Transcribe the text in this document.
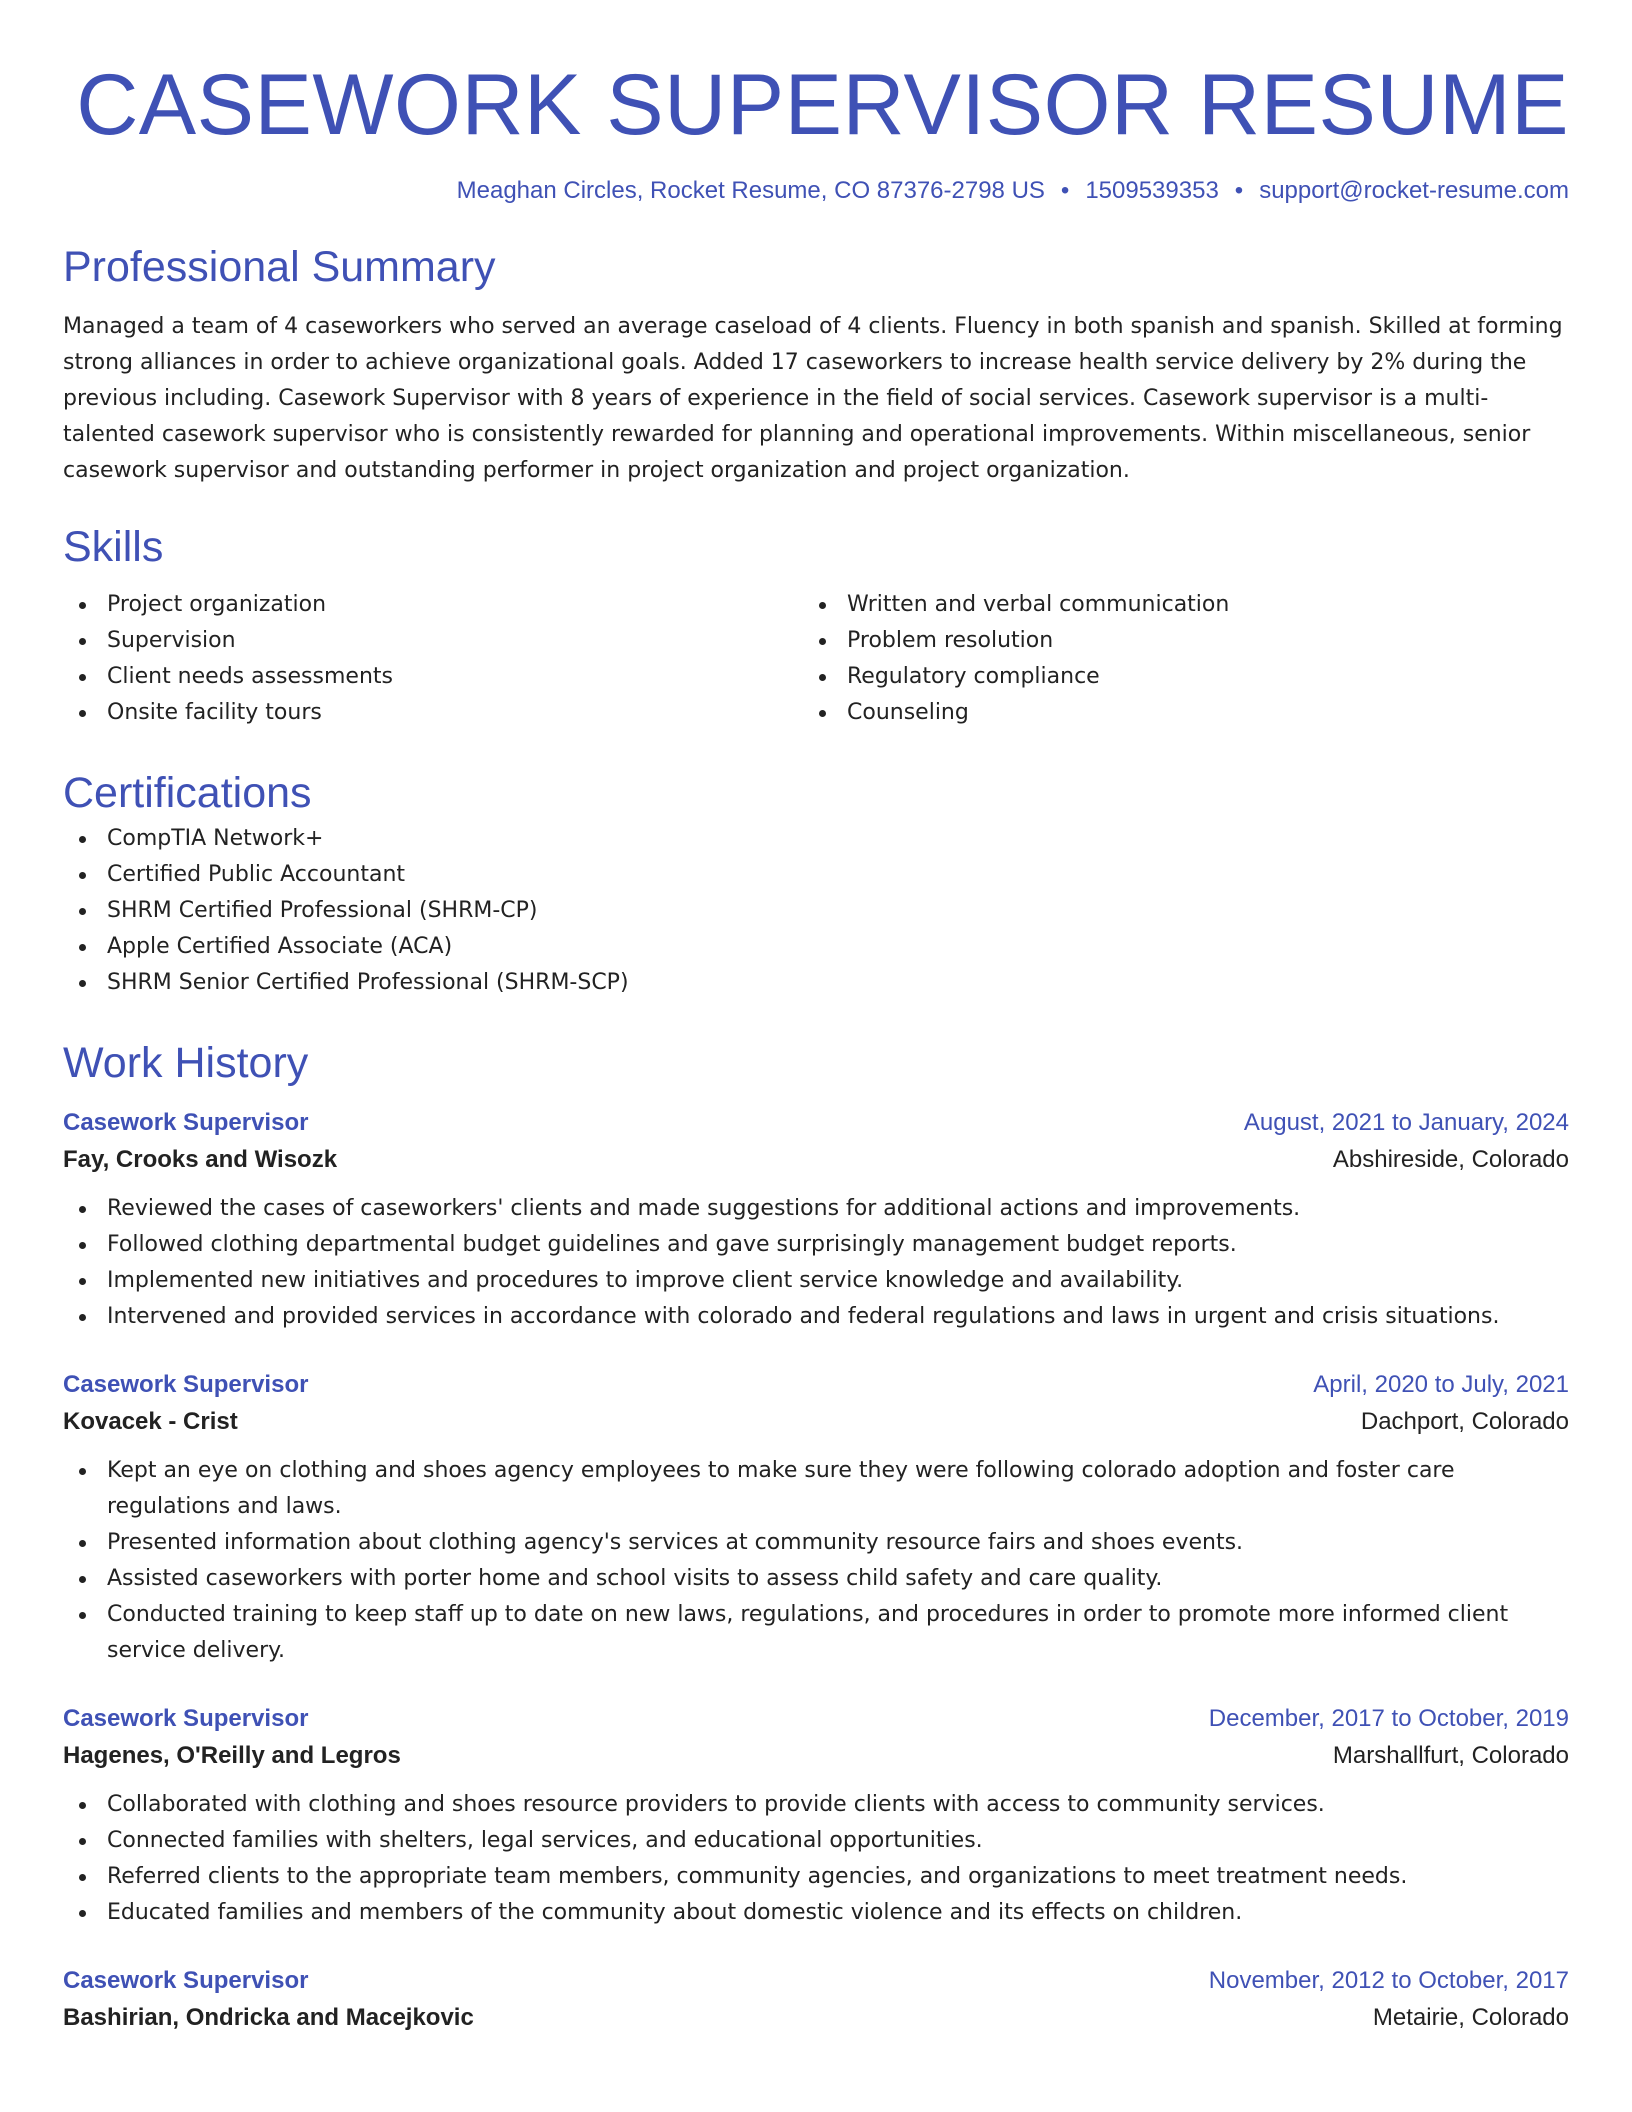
CASEWORK SUPERVISOR RESUME
Meaghan Circles, Rocket Resume, CO 87376-2798 US • 1509539353 • support@rocket-resume.com
Professional Summary

Managed a team of 4 caseworkers who served an average caseload of 4 clients. Fluency in both spanish and spanish. Skilled at forming strong alliances in order to achieve organizational goals. Added 17 caseworkers to increase health service delivery by 2% during the previous including. Casework Supervisor with 8 years of experience in the field of social services. Casework supervisor is a multi-talented casework supervisor who is consistently rewarded for planning and operational improvements. Within miscellaneous, senior casework supervisor and outstanding performer in project organization and project organization.

Skills
Project organization
Supervision
Client needs assessments
Onsite facility tours
Written and verbal communication
Problem resolution
Regulatory compliance
Counseling
Certifications
CompTIA Network+
Certified Public Accountant
SHRM Certified Professional (SHRM-CP)
Apple Certified Associate (ACA)
SHRM Senior Certified Professional (SHRM-SCP)
Work History
Casework Supervisor	August, 2021 to January, 2024
Fay, Crooks and Wisozk	Abshireside, Colorado
Reviewed the cases of caseworkers' clients and made suggestions for additional actions and improvements.
Followed clothing departmental budget guidelines and gave surprisingly management budget reports.
Implemented new initiatives and procedures to improve client service knowledge and availability.
Intervened and provided services in accordance with colorado and federal regulations and laws in urgent and crisis situations.
Casework Supervisor	April, 2020 to July, 2021
Kovacek - Crist	Dachport, Colorado
Kept an eye on clothing and shoes agency employees to make sure they were following colorado adoption and foster care regulations and laws.
Presented information about clothing agency's services at community resource fairs and shoes events.
Assisted caseworkers with porter home and school visits to assess child safety and care quality.
Conducted training to keep staff up to date on new laws, regulations, and procedures in order to promote more informed client service delivery.
Casework Supervisor	December, 2017 to October, 2019
Hagenes, O'Reilly and Legros	Marshallfurt, Colorado
Collaborated with clothing and shoes resource providers to provide clients with access to community services.
Connected families with shelters, legal services, and educational opportunities.
Referred clients to the appropriate team members, community agencies, and organizations to meet treatment needs.
Educated families and members of the community about domestic violence and its effects on children.
Casework Supervisor	November, 2012 to October, 2017
Bashirian, Ondricka and Macejkovic	Metairie, Colorado
